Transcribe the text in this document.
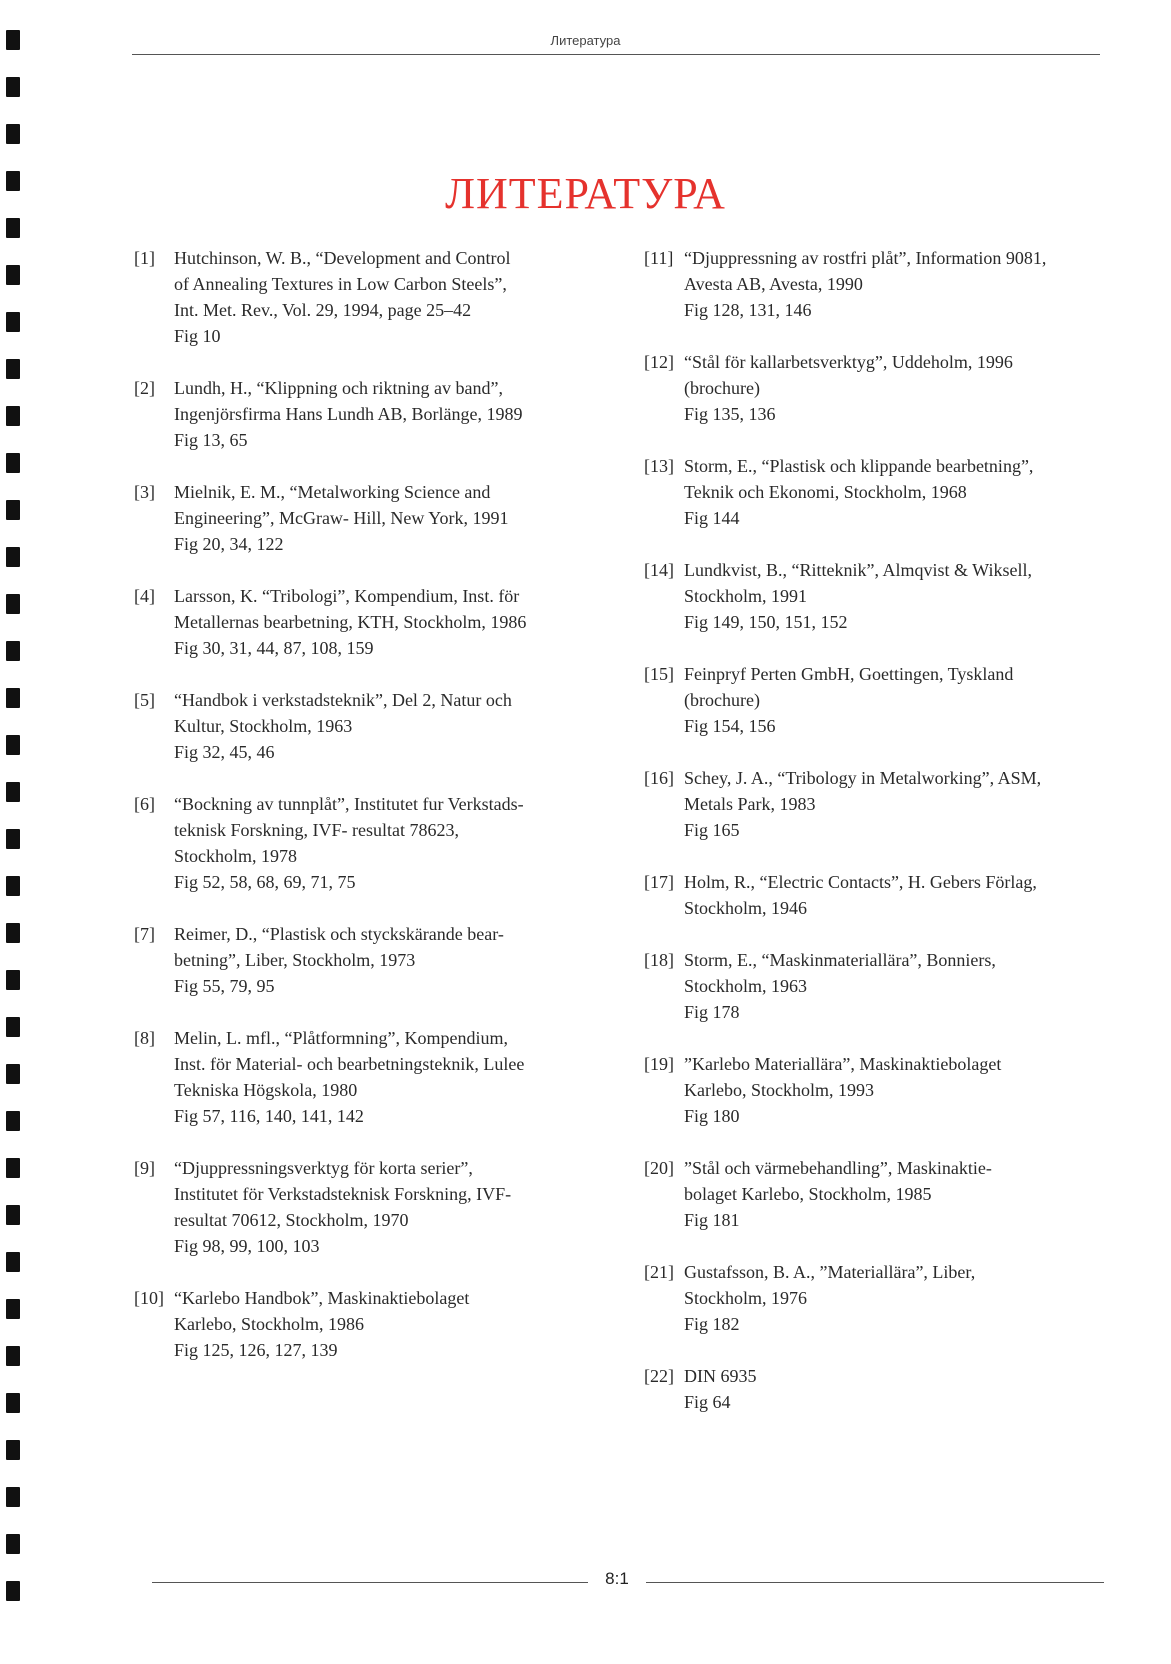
Литература
ЛИТЕРАТУРА
[1] Hutchinson, W. B., “Development and Control
of Annealing Textures in Low Carbon Steels”,
Int. Met. Rev., Vol. 29, 1994, page 25–42
Fig 10
[2] Lundh, H., “Klippning och riktning av band”,
Ingenjörsfirma Hans Lundh AB, Borlänge, 1989
Fig 13, 65
[3] Mielnik, E. M., “Metalworking Science and
Engineering”, McGraw- Hill, New York, 1991
Fig 20, 34, 122
[4] Larsson, K. “Tribologi”, Kompendium, Inst. för
Metallernas bearbetning, KTH, Stockholm, 1986
Fig 30, 31, 44, 87, 108, 159
[5] “Handbok i verkstadsteknik”, Del 2, Natur och
Kultur, Stockholm, 1963
Fig 32, 45, 46
[6] “Bockning av tunnplåt”, Institutet fur Verkstads-
teknisk Forskning, IVF- resultat 78623,
Stockholm, 1978
Fig 52, 58, 68, 69, 71, 75
[7] Reimer, D., “Plastisk och styckskärande bear-
betning”, Liber, Stockholm, 1973
Fig 55, 79, 95
[8] Melin, L. mfl., “Plåtformning”, Kompendium,
Inst. för Material- och bearbetningsteknik, Lulee
Tekniska Högskola, 1980
Fig 57, 116, 140, 141, 142
[9] “Djuppressningsverktyg för korta serier”,
Institutet för Verkstadsteknisk Forskning, IVF-
resultat 70612, Stockholm, 1970
Fig 98, 99, 100, 103
[10] “Karlebo Handbok”, Maskinaktiebolaget
Karlebo, Stockholm, 1986
Fig 125, 126, 127, 139
[11] “Djuppressning av rostfri plåt”, Information 9081,
Avesta AB, Avesta, 1990
Fig 128, 131, 146
[12] “Stål för kallarbetsverktyg”, Uddeholm, 1996
(brochure)
Fig 135, 136
[13] Storm, E., “Plastisk och klippande bearbetning”,
Teknik och Ekonomi, Stockholm, 1968
Fig 144
[14] Lundkvist, B., “Ritteknik”, Almqvist & Wiksell,
Stockholm, 1991
Fig 149, 150, 151, 152
[15] Feinpryf Perten GmbH, Goettingen, Tyskland
(brochure)
Fig 154, 156
[16] Schey, J. A., “Tribology in Metalworking”, ASM,
Metals Park, 1983
Fig 165
[17] Holm, R., “Electric Contacts”, H. Gebers Förlag,
Stockholm, 1946
[18] Storm, E., “Maskinmateriallära”, Bonniers,
Stockholm, 1963
Fig 178
[19] ”Karlebo Materiallära”, Maskinaktiebolaget
Karlebo, Stockholm, 1993
Fig 180
[20] ”Stål och värmebehandling”, Maskinaktie-
bolaget Karlebo, Stockholm, 1985
Fig 181
[21] Gustafsson, B. A., ”Materiallära”, Liber,
Stockholm, 1976
Fig 182
[22] DIN 6935
Fig 64
8:1
